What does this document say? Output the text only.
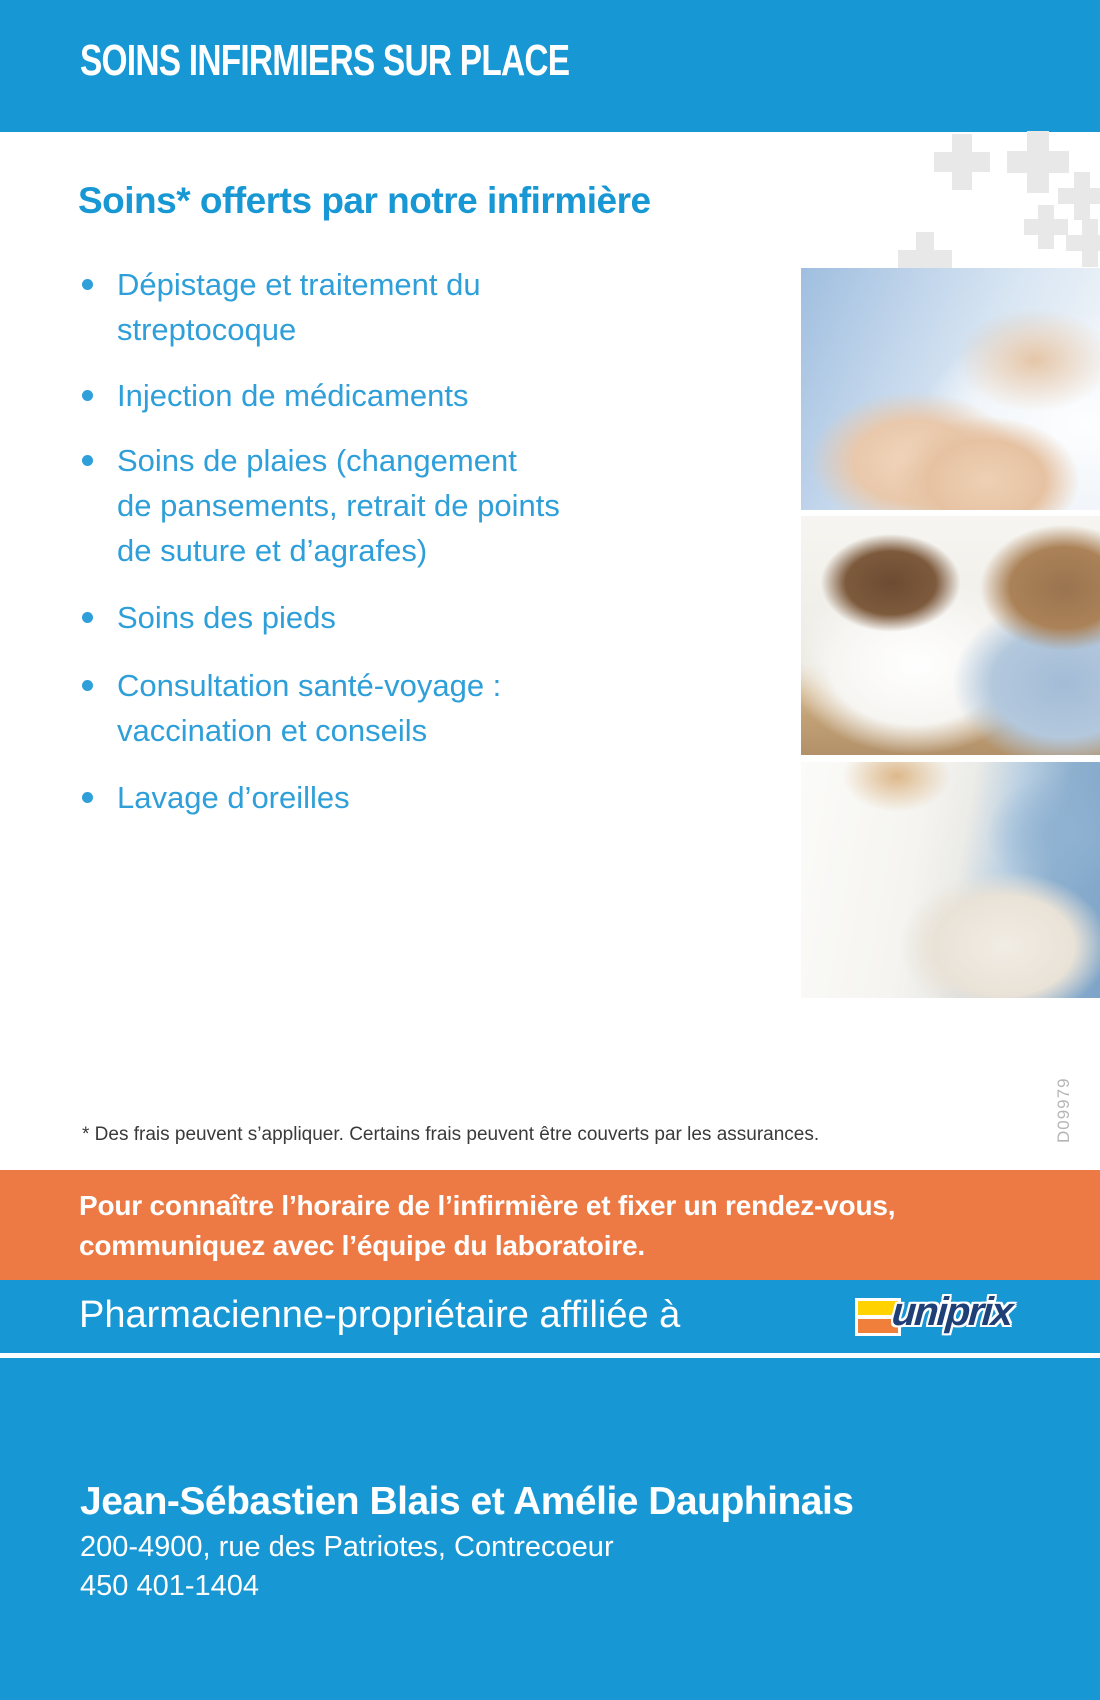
SOINS INFIRMIERS SUR PLACE
Soins* offerts par notre infirmière
Dépistage et traitement du
streptocoque
Injection de médicaments
Soins de plaies (changement
de pansements, retrait de points
de suture et d’agrafes)
Soins des pieds
Consultation santé-voyage :
vaccination et conseils
Lavage d’oreilles

* Des frais peuvent s’appliquer. Certains frais peuvent être couverts par les assurances.	D09979
Pour connaître l’horaire de l’infirmière et fixer un rendez-vous,
communiquez avec l’équipe du laboratoire.
Pharmacienne-propriétaire affiliée à	uniprix
Jean-Sébastien Blais et Amélie Dauphinais
200-4900, rue des Patriotes, Contrecoeur
450 401-1404
